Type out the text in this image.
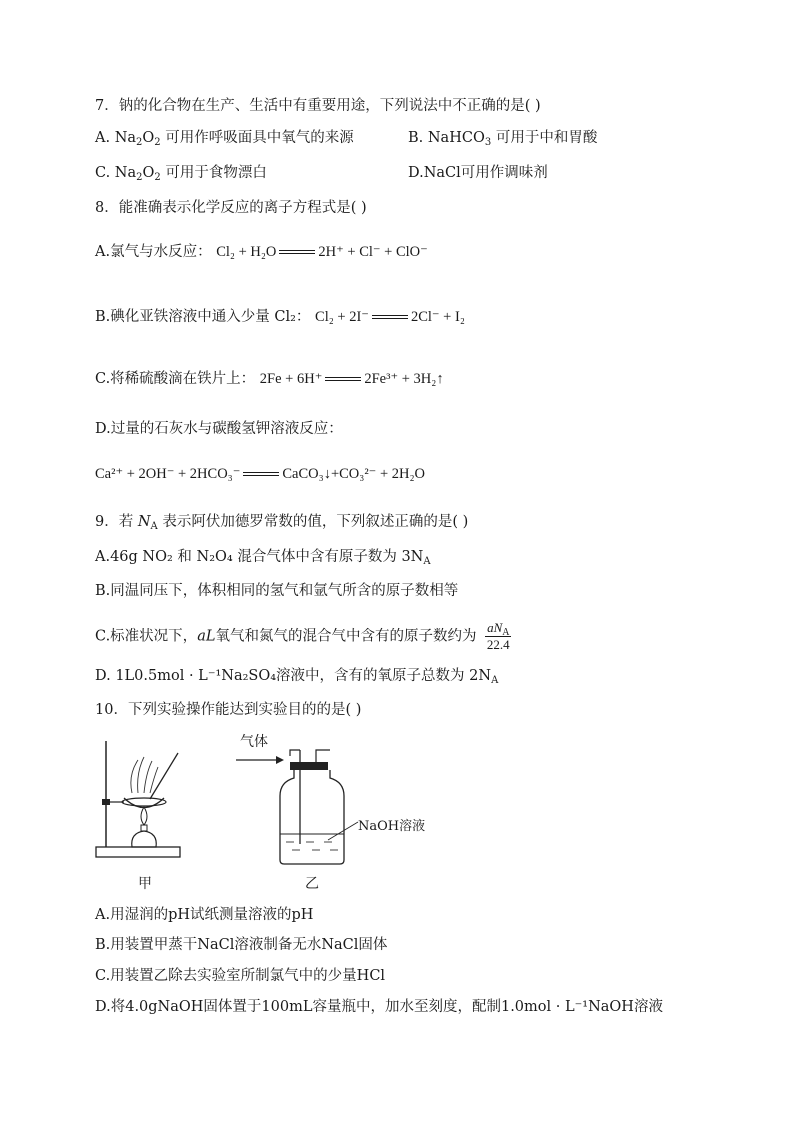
7．钠的化合物在生产、生活中有重要用途，下列说法中不正确的是( )
A. $Na_2O_2$ 可用作呼吸面具中氧气的来源	B. NaHCO$_3$ 可用于中和胃酸
C. $Na_2O_2$ 可用于食物漂白	D.NaCl可用作调味剂
8．能准确表示化学反应的离子方程式是( )
A.氯气与水反应： Cl₂ + H₂O	2H⁺ + Cl⁻ + ClO⁻
B.碘化亚铁溶液中通入少量 Cl₂： Cl₂ + 2I⁻	2Cl⁻ + I₂
C.将稀硫酸滴在铁片上： 2Fe + 6H⁺	2Fe³⁺ + 3H₂↑
D.过量的石灰水与碳酸氢钾溶液反应：
Ca²⁺ + 2OH⁻ + 2HCO₃⁻	CaCO₃↓+CO₃²⁻ + 2H₂O
9．若 $N_A$ 表示阿伏加德罗常数的值，下列叙述正确的是( )
A.46g NO₂ 和 N₂O₄ 混合气体中含有原子数为 $3N_A$
B.同温同压下，体积相同的氢气和氩气所含的原子数相等
C.标准状况下，aL氧气和氮气的混合气中含有的原子数约为 $\frac{aN_A}{22.4}$
D. 1L0.5mol · L⁻¹Na₂SO₄溶液中，含有的氧原子总数为 $2N_A$
10．下列实验操作能达到实验目的的是( )
甲
气体
NaOH溶液
乙
A.用湿润的pH试纸测量溶液的pH
B.用装置甲蒸干NaCl溶液制备无水NaCl固体
C.用装置乙除去实验室所制氯气中的少量HCl
D.将4.0gNaOH固体置于100mL容量瓶中，加水至刻度，配制1.0mol · L⁻¹NaOH溶液
